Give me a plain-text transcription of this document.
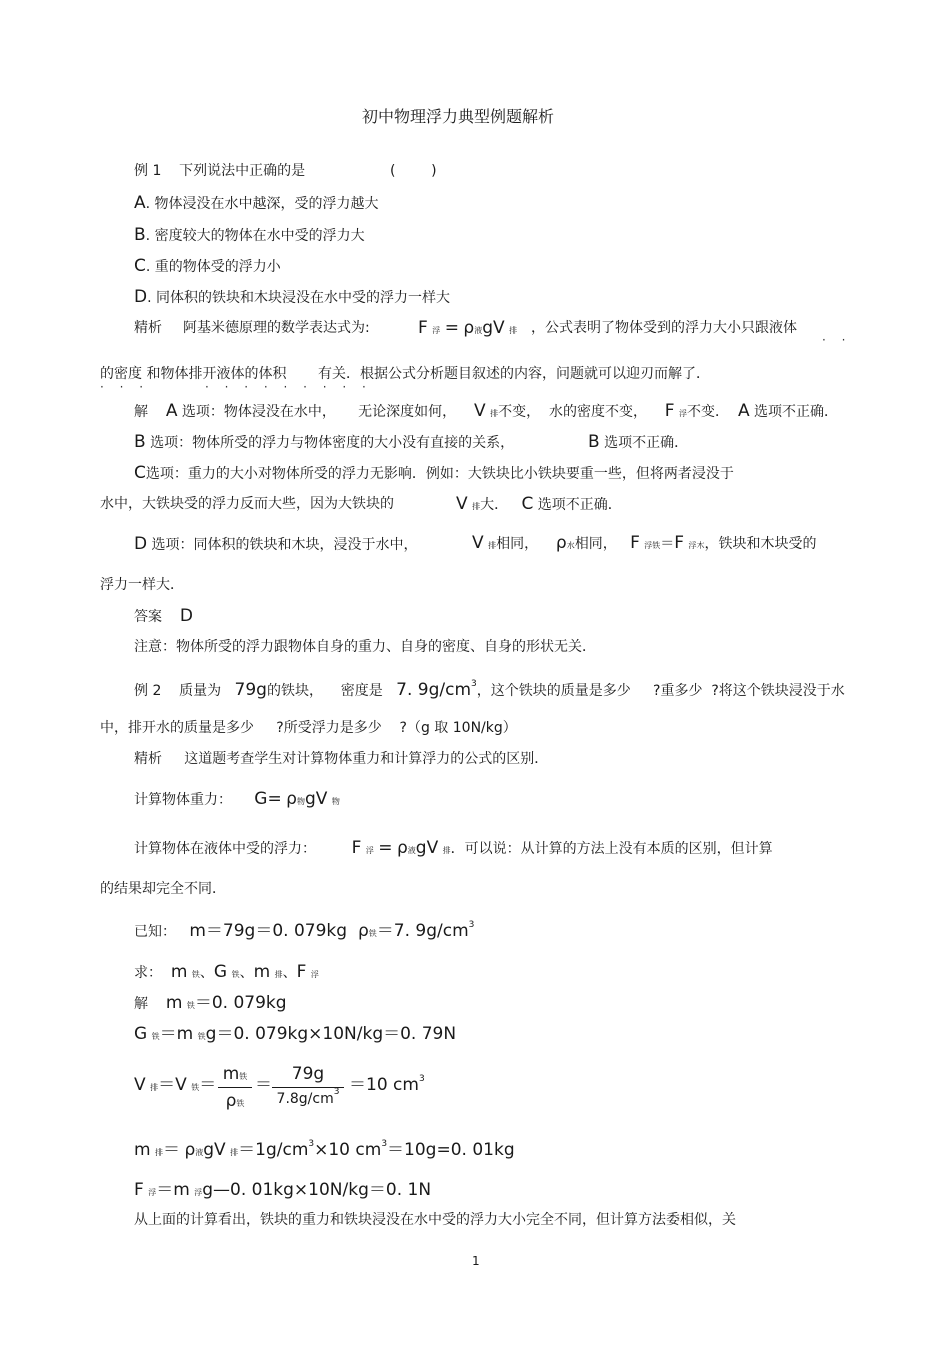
初中物理浮力典型例题解析
例 1 下列说法中正确的是	(        )
A. 物体浸没在水中越深，受的浮力越大
B. 密度较大的物体在水中受的浮力大
C. 重的物体受的浮力小
D. 同体积的铁块和木块浸没在水中受的浮力一样大
精析 阿基米德原理的数学表达式为:	F 浮 = ρ液gV 排 ，公式表明了物体受到的浮力大小只跟液体
· ·
的密度 和物体排开液体的体积 有关．根据公式分析题目叙述的内容，问题就可以迎刃而解了．
· · ·	· · · · · · · · ·
解 A 选项：物体浸没在水中， 无论深度如何， V 排不变， 水的密度不变， F 浮不变． A 选项不正确．
B 选项：物体所受的浮力与物体密度的大小没有直接的关系，	B 选项不正确．
C选项：重力的大小对物体所受的浮力无影响．例如：大铁块比小铁块要重一些，但将两者浸没于
水中，大铁块受的浮力反而大些，因为大铁块的	V 排大． C 选项不正确．
D 选项：同体积的铁块和木块，浸没于水中，	V 排相同， ρ水相同， F 浮铁＝F 浮木，铁块和木块受的
浮力一样大．
答案 D
注意：物体所受的浮力跟物体自身的重力、自身的密度、自身的形状无关．
例 2 质量为 79g的铁块， 密度是 7. $9g/cm^3$，这个铁块的质量是多少 ?重多少 ?将这个铁块浸没于水
中，排开水的质量是多少 ?所受浮力是多少 ?（g 取 10N/kg）
精析 这道题考查学生对计算物体重力和计算浮力的公式的区别．
计算物体重力： G= ρ物gV 物
计算物体在液体中受的浮力： F 浮 = ρ液gV 排．可以说：从计算的方法上没有本质的区别，但计算
的结果却完全不同．
已知： m＝79g＝0. 079kg ρ铁＝7. $9g/cm^3$
求： m 铁、G 铁、m 排、F 浮
解 m 铁＝0. 079kg
G 铁＝m 铁g＝0. 079kg×10N/kg＝0. 79N
V 排＝V 铁＝
m铁
ρ铁
＝
79g
$7.8g/cm^3 =10$ $cm^3$
m 排＝ ρ液gV 排$=1g/cm^3\times 10$ $cm^3=10g=0$. 01kg
F 浮＝m 浮g—0. 01kg×10N/kg＝0. 1N
从上面的计算看出，铁块的重力和铁块浸没在水中受的浮力大小完全不同，但计算方法委相似，关
1
